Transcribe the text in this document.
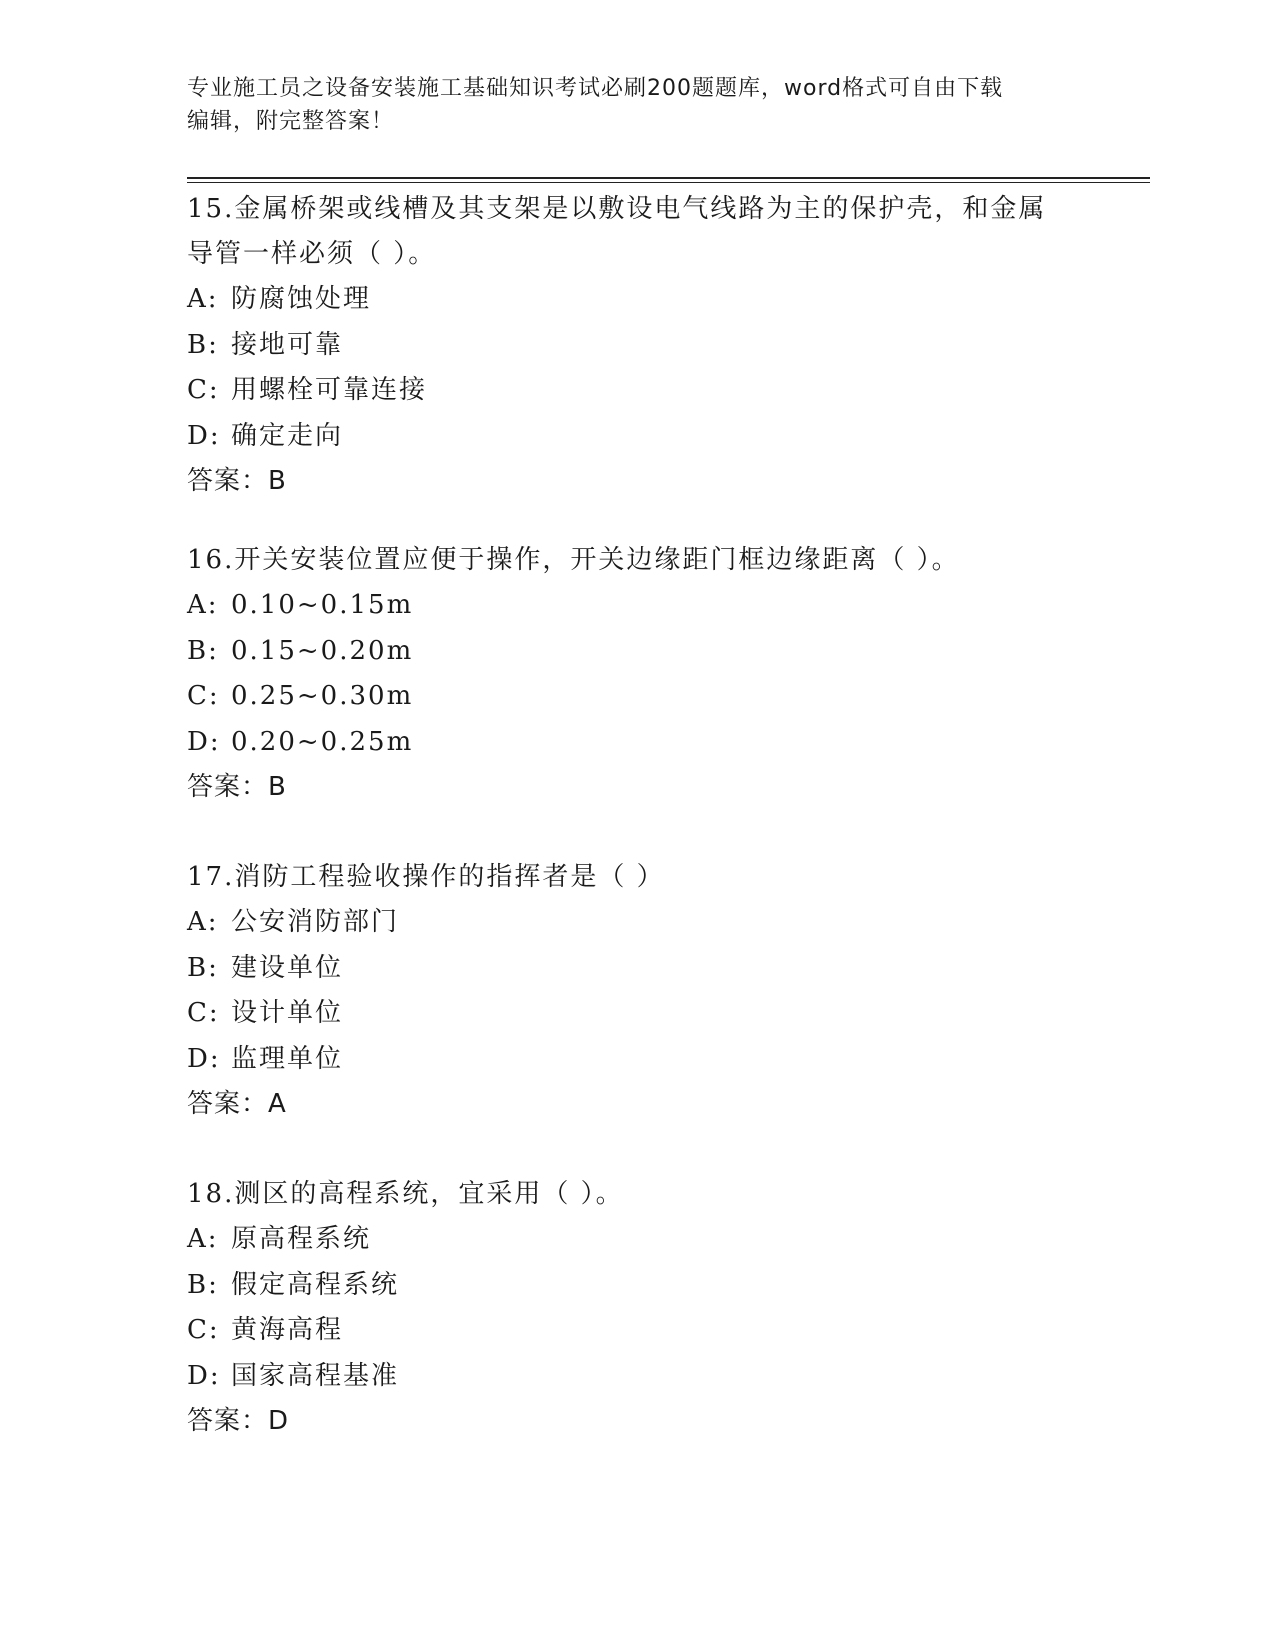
专业施工员之设备安装施工基础知识考试必刷200题题库，word格式可自由下载
编辑，附完整答案！
15.金属桥架或线槽及其支架是以敷设电气线路为主的保护壳，和金属
导管一样必须（ ）。
A: 防腐蚀处理
B: 接地可靠
C: 用螺栓可靠连接
D: 确定走向
答案：B
16.开关安装位置应便于操作，开关边缘距门框边缘距离（ ）。
A: 0.10~0.15m
B: 0.15~0.20m
C: 0.25~0.30m
D: 0.20~0.25m
答案：B
17.消防工程验收操作的指挥者是（ ）
A: 公安消防部门
B: 建设单位
C: 设计单位
D: 监理单位
答案：A
18.测区的高程系统，宜采用（ ）。
A: 原高程系统
B: 假定高程系统
C: 黄海高程
D: 国家高程基准
答案：D
